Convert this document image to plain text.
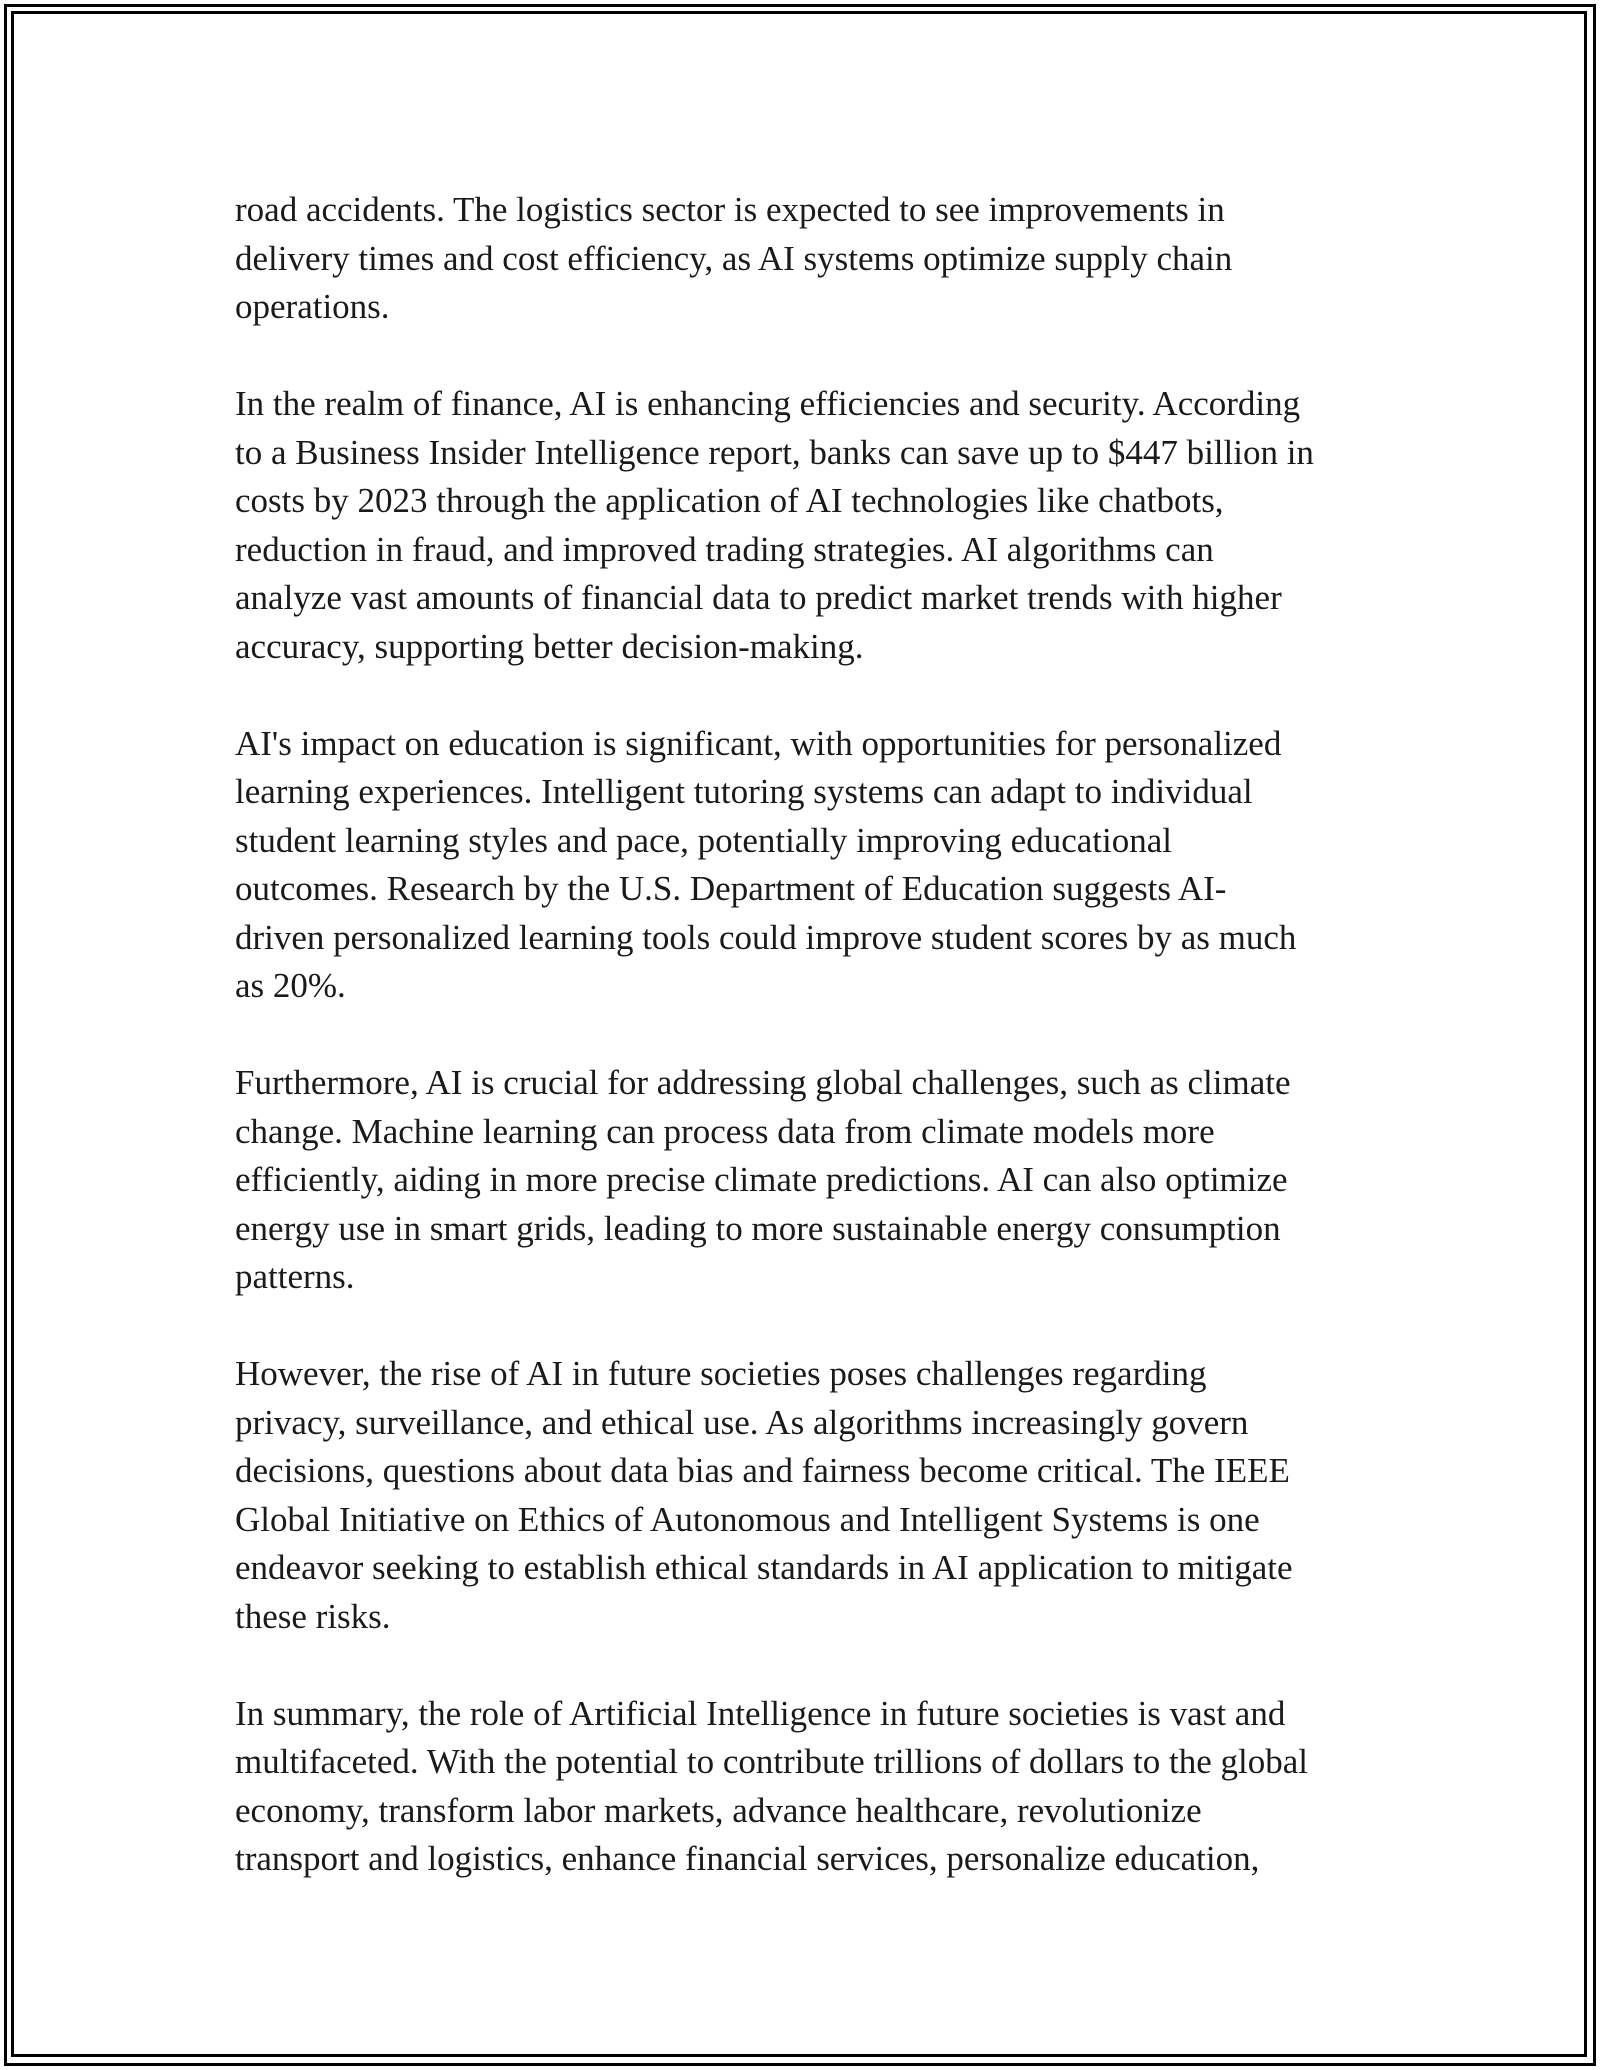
road accidents. The logistics sector is expected to see improvements in
delivery times and cost efficiency, as AI systems optimize supply chain
operations.

In the realm of finance, AI is enhancing efficiencies and security. According
to a Business Insider Intelligence report, banks can save up to $447 billion in
costs by 2023 through the application of AI technologies like chatbots,
reduction in fraud, and improved trading strategies. AI algorithms can
analyze vast amounts of financial data to predict market trends with higher
accuracy, supporting better decision-making.

AI's impact on education is significant, with opportunities for personalized
learning experiences. Intelligent tutoring systems can adapt to individual
student learning styles and pace, potentially improving educational
outcomes. Research by the U.S. Department of Education suggests AI-
driven personalized learning tools could improve student scores by as much
as 20%.

Furthermore, AI is crucial for addressing global challenges, such as climate
change. Machine learning can process data from climate models more
efficiently, aiding in more precise climate predictions. AI can also optimize
energy use in smart grids, leading to more sustainable energy consumption
patterns.

However, the rise of AI in future societies poses challenges regarding
privacy, surveillance, and ethical use. As algorithms increasingly govern
decisions, questions about data bias and fairness become critical. The IEEE
Global Initiative on Ethics of Autonomous and Intelligent Systems is one
endeavor seeking to establish ethical standards in AI application to mitigate
these risks.

In summary, the role of Artificial Intelligence in future societies is vast and
multifaceted. With the potential to contribute trillions of dollars to the global
economy, transform labor markets, advance healthcare, revolutionize
transport and logistics, enhance financial services, personalize education,
